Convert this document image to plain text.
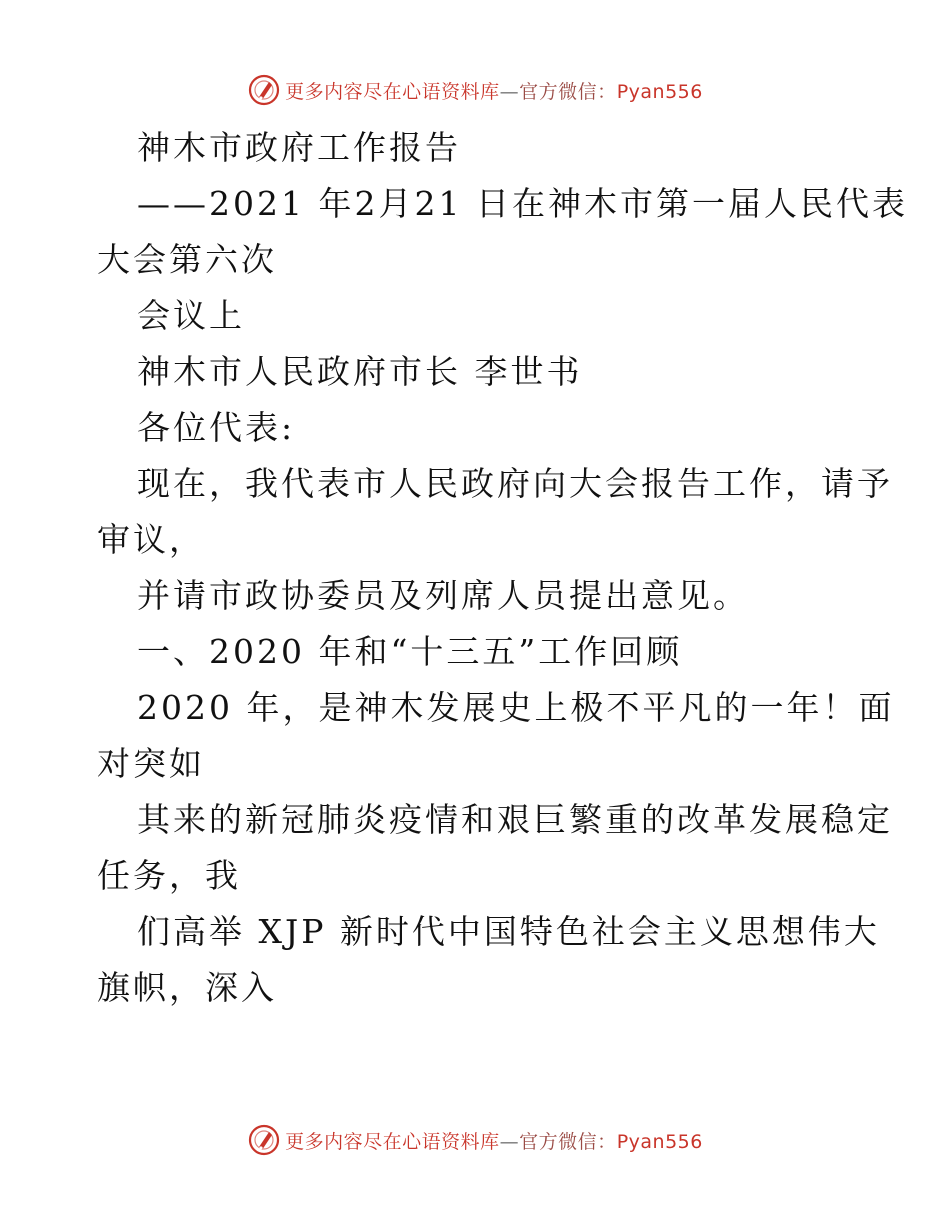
更多内容尽在心语资料库—官方微信：Pyan556
神木市政府工作报告
——2021 年2月21 日在神木市第一届人民代表
大会第六次
会议上
神木市人民政府市长 李世书
各位代表:
现在，我代表市人民政府向大会报告工作，请予
审议，
并请市政协委员及列席人员提出意见。
一、2020 年和“十三五”工作回顾
2020 年，是神木发展史上极不平凡的一年！面
对突如
其来的新冠肺炎疫情和艰巨繁重的改革发展稳定
任务，我
们高举 XJP 新时代中国特色社会主义思想伟大
旗帜，深入
更多内容尽在心语资料库—官方微信：Pyan556
